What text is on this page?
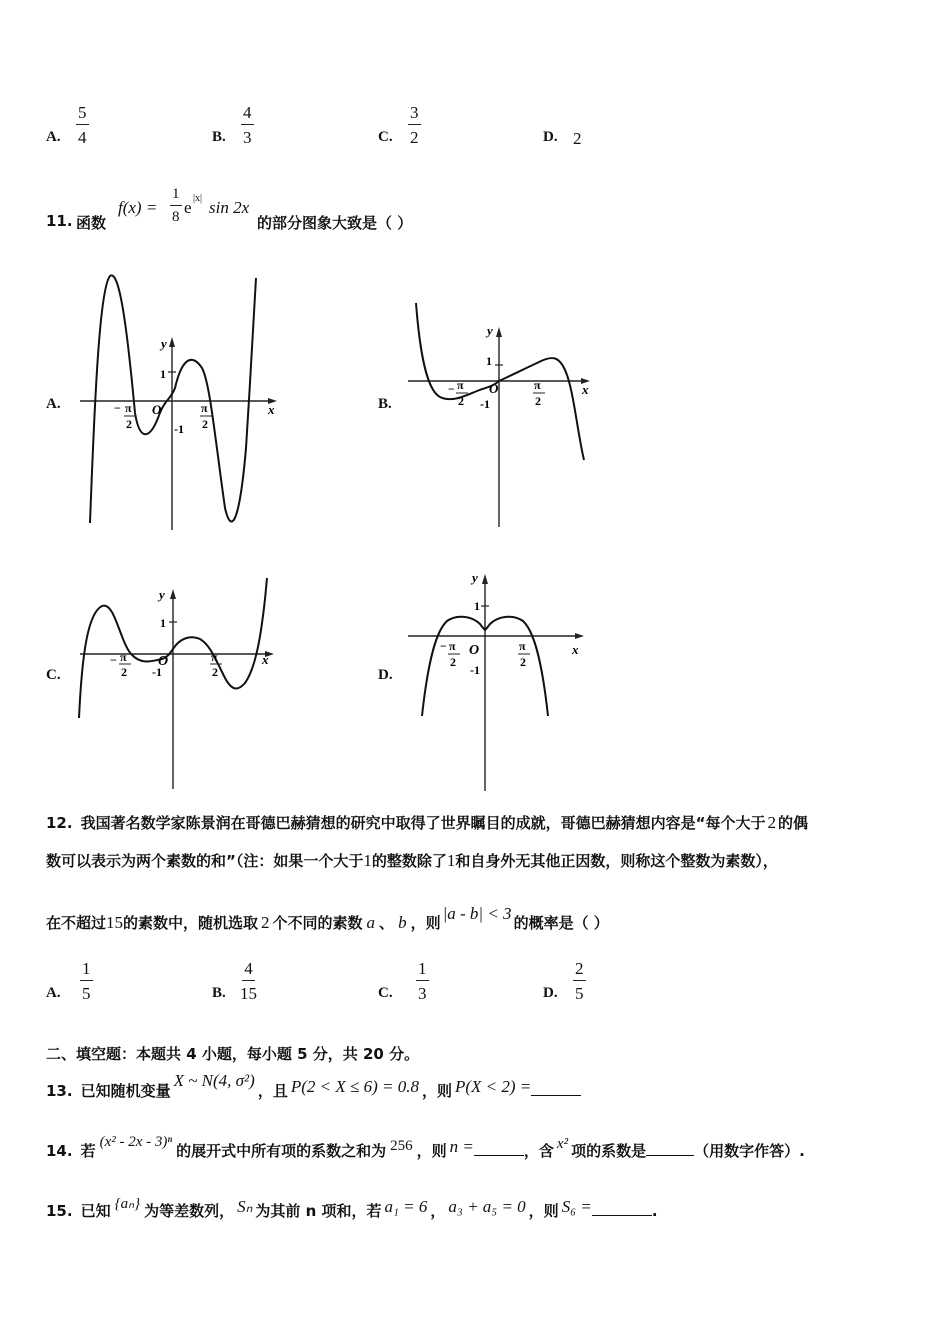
A. $\frac{5}{4}$	B. $\frac{4}{3}$	C. $\frac{3}{2}$	D. 2
11. 函数
$f(x) = \frac{1}{8}$ e |x| sin 2x
的部分图象大致是（ ）
A.
y
x
O
1
-1
− π
2
π
2
B.
y
x
O
1
-1
− π
2
π
2
C.
y
x
O
1
-1
− π
2
π
2	D.
y
x
O
1
-1
− π
2
π
2
12. 我国著名数学家陈景润在哥德巴赫猜想的研究中取得了世界瞩目的成就，哥德巴赫猜想内容是“每个大于 2 的偶
数可以表示为两个素数的和”（注：如果一个大于1的整数除了1和自身外无其他正因数，则称这个整数为素数），
在不超过15的素数中，随机选取 2 个不同的素数 a 、 b ，则 |a - b| < 3 的概率是（ ）
A. $\frac{1}{5}$	B. $\frac{4}{15}$	C. $\frac{1}{3}$	D. $\frac{2}{5}$
二、填空题：本题共 4 小题，每小题 5 分，共 20 分。
13. 已知随机变量X ~ N(4, σ²)，且 P(2 < X ≤ 6) = 0.8 ，则 P(X < 2) =
14. 若 (x² - 2x - 3)ⁿ 的展开式中所有项的系数之和为 256 ，则 n =	，含 x² 项的系数是	（用数字作答）.
15. 已知 {aₙ} 为等差数列， Sₙ 为其前 n 项和，若 a₁ = 6 ， a₃ + a₅ = 0 ，则 S₆ =	.
